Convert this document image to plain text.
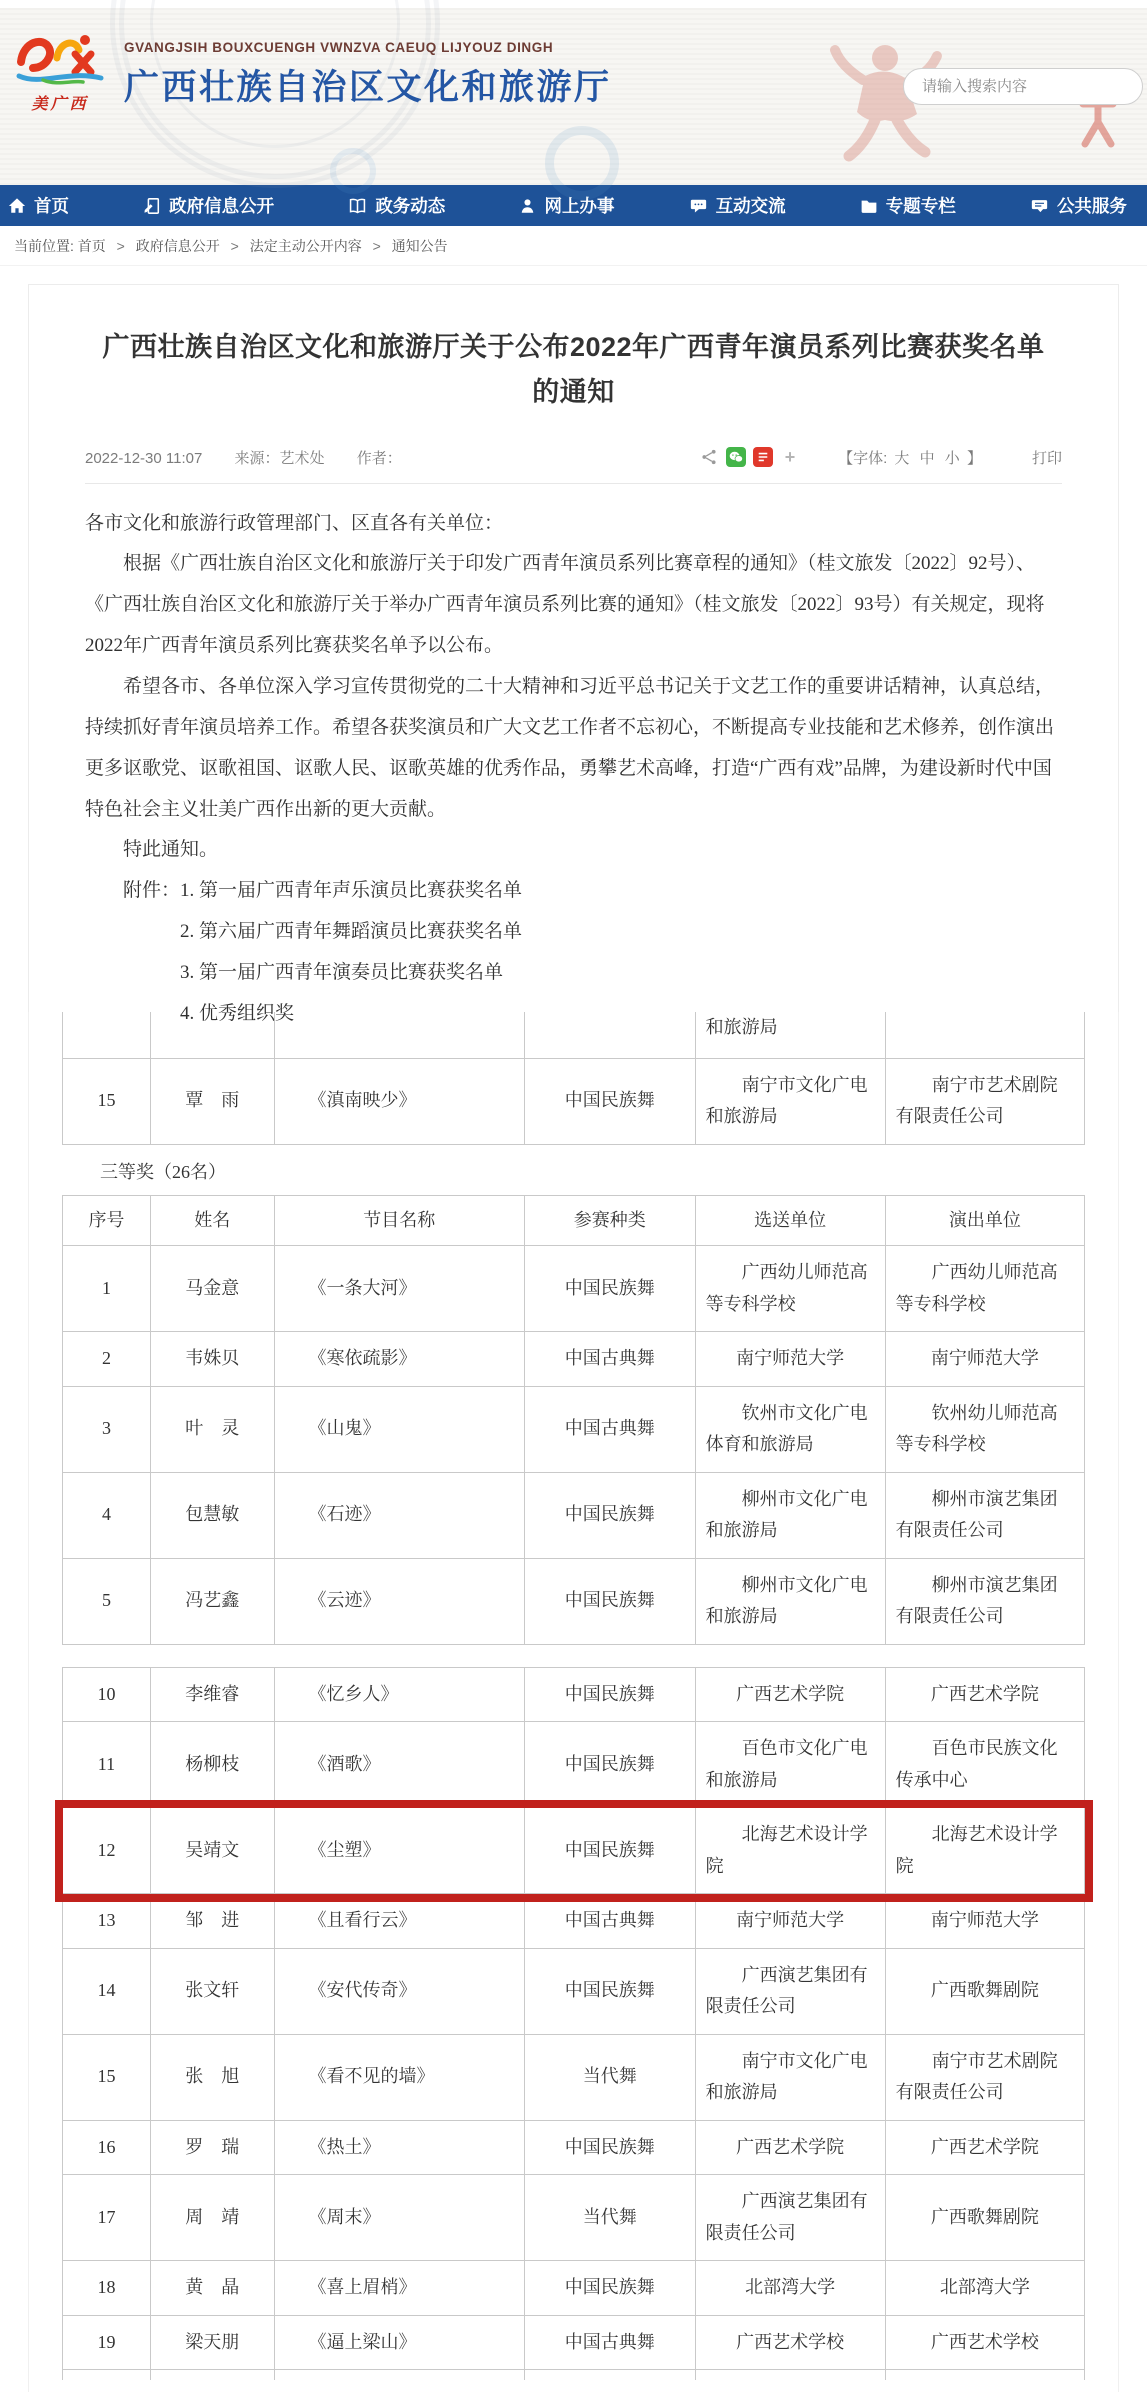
美广西
GVANGJSIH BOUXCUENGH VWNZVA CAEUQ LIJYOUZ DINGH
广西壮族自治区文化和旅游厅
请输入搜索内容
首页	政府信息公开	政务动态	网上办事	互动交流	专题专栏	公共服务
当前位置: 首页 > 政府信息公开 > 法定主动公开内容 > 通知公告
广西壮族自治区文化和旅游厅关于公布2022年广西青年演员系列比赛获奖名单的通知
2022-12-30 11:07 来源：艺术处 作者：	+	【字体: 大 中 小 】	打印

各市文化和旅游行政管理部门、区直各有关单位：

　　根据《广西壮族自治区文化和旅游厅关于印发广西青年演员系列比赛章程的通知》（桂文旅发〔2022〕92号）、《广西壮族自治区文化和旅游厅关于举办广西青年演员系列比赛的通知》（桂文旅发〔2022〕93号）有关规定，现将2022年广西青年演员系列比赛获奖名单予以公布。

　　希望各市、各单位深入学习宣传贯彻党的二十大精神和习近平总书记关于文艺工作的重要讲话精神，认真总结，持续抓好青年演员培养工作。希望各获奖演员和广大文艺工作者不忘初心，不断提高专业技能和艺术修养，创作演出更多讴歌党、讴歌祖国、讴歌人民、讴歌英雄的优秀作品，勇攀艺术高峰，打造“广西有戏”品牌，为建设新时代中国特色社会主义壮美广西作出新的更大贡献。

　　特此通知。

　　附件：1. 第一届广西青年声乐演员比赛获奖名单

　　　　　2. 第六届广西青年舞蹈演员比赛获奖名单

　　　　　3. 第一届广西青年演奏员比赛获奖名单

　　　　　4. 优秀组织奖

				和旅游局	
15	覃　雨	《滇南映少》	中国民族舞	南宁市文化广电和旅游局	南宁市艺术剧院有限责任公司
三等奖（26名）
序号	姓名	节目名称	参赛种类	选送单位	演出单位
1	马金意	《一条大河》	中国民族舞	广西幼儿师范高等专科学校	广西幼儿师范高等专科学校
2	韦姝贝	《寒依疏影》	中国古典舞	南宁师范大学	南宁师范大学
3	叶　灵	《山鬼》	中国古典舞	钦州市文化广电体育和旅游局	钦州幼儿师范高等专科学校
4	包慧敏	《石迹》	中国民族舞	柳州市文化广电和旅游局	柳州市演艺集团有限责任公司
5	冯艺鑫	《云迹》	中国民族舞	柳州市文化广电和旅游局	柳州市演艺集团有限责任公司
10	李维睿	《忆乡人》	中国民族舞	广西艺术学院	广西艺术学院
11	杨柳枝	《酒歌》	中国民族舞	百色市文化广电和旅游局	百色市民族文化传承中心
12	吴靖文	《尘塑》	中国民族舞	北海艺术设计学院	北海艺术设计学院
13	邹　进	《且看行云》	中国古典舞	南宁师范大学	南宁师范大学
14	张文轩	《安代传奇》	中国民族舞	广西演艺集团有限责任公司	广西歌舞剧院
15	张　旭	《看不见的墙》	当代舞	南宁市文化广电和旅游局	南宁市艺术剧院有限责任公司
16	罗　瑞	《热土》	中国民族舞	广西艺术学院	广西艺术学院
17	周　靖	《周末》	当代舞	广西演艺集团有限责任公司	广西歌舞剧院
18	黄　晶	《喜上眉梢》	中国民族舞	北部湾大学	北部湾大学
19	梁天朋	《逼上梁山》	中国古典舞	广西艺术学校	广西艺术学校
